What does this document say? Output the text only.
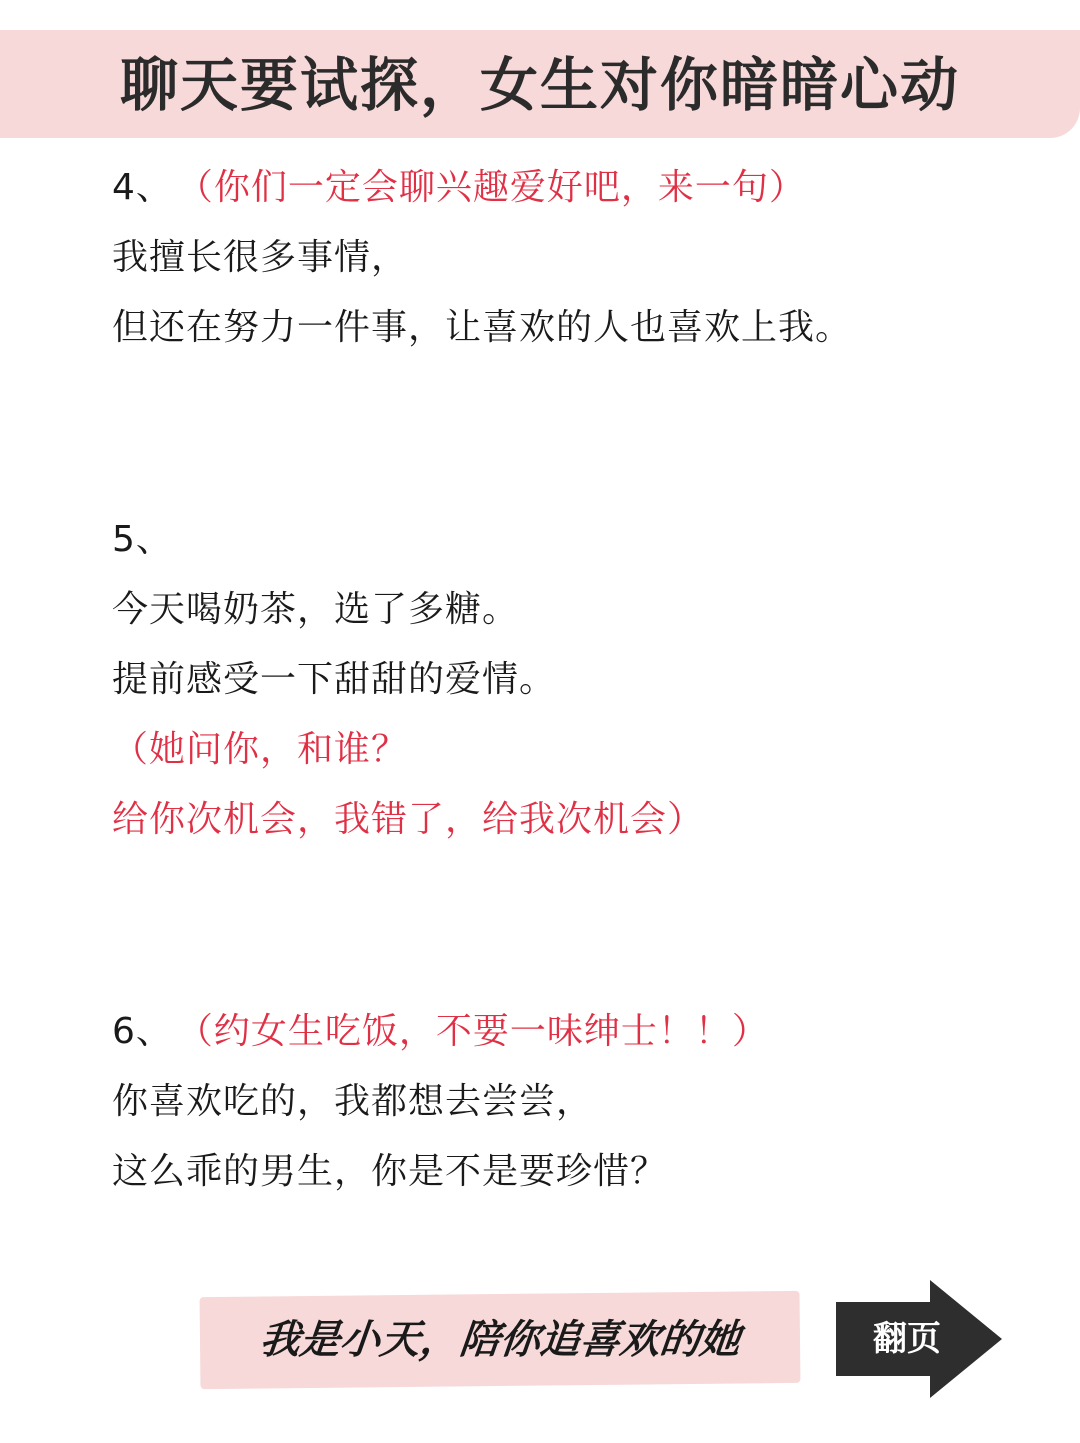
聊天要试探，女生对你暗暗心动
4、 （你们一定会聊兴趣爱好吧，来一句）
我擅长很多事情，
但还在努力一件事，让喜欢的人也喜欢上我。
5、
今天喝奶茶，选了多糖。
提前感受一下甜甜的爱情。
（她问你，和谁？
给你次机会，我错了，给我次机会）
6、 （约女生吃饭，不要一味绅士！！）
你喜欢吃的，我都想去尝尝，
这么乖的男生，你是不是要珍惜？
我是小天，陪你追喜欢的她	翻页
